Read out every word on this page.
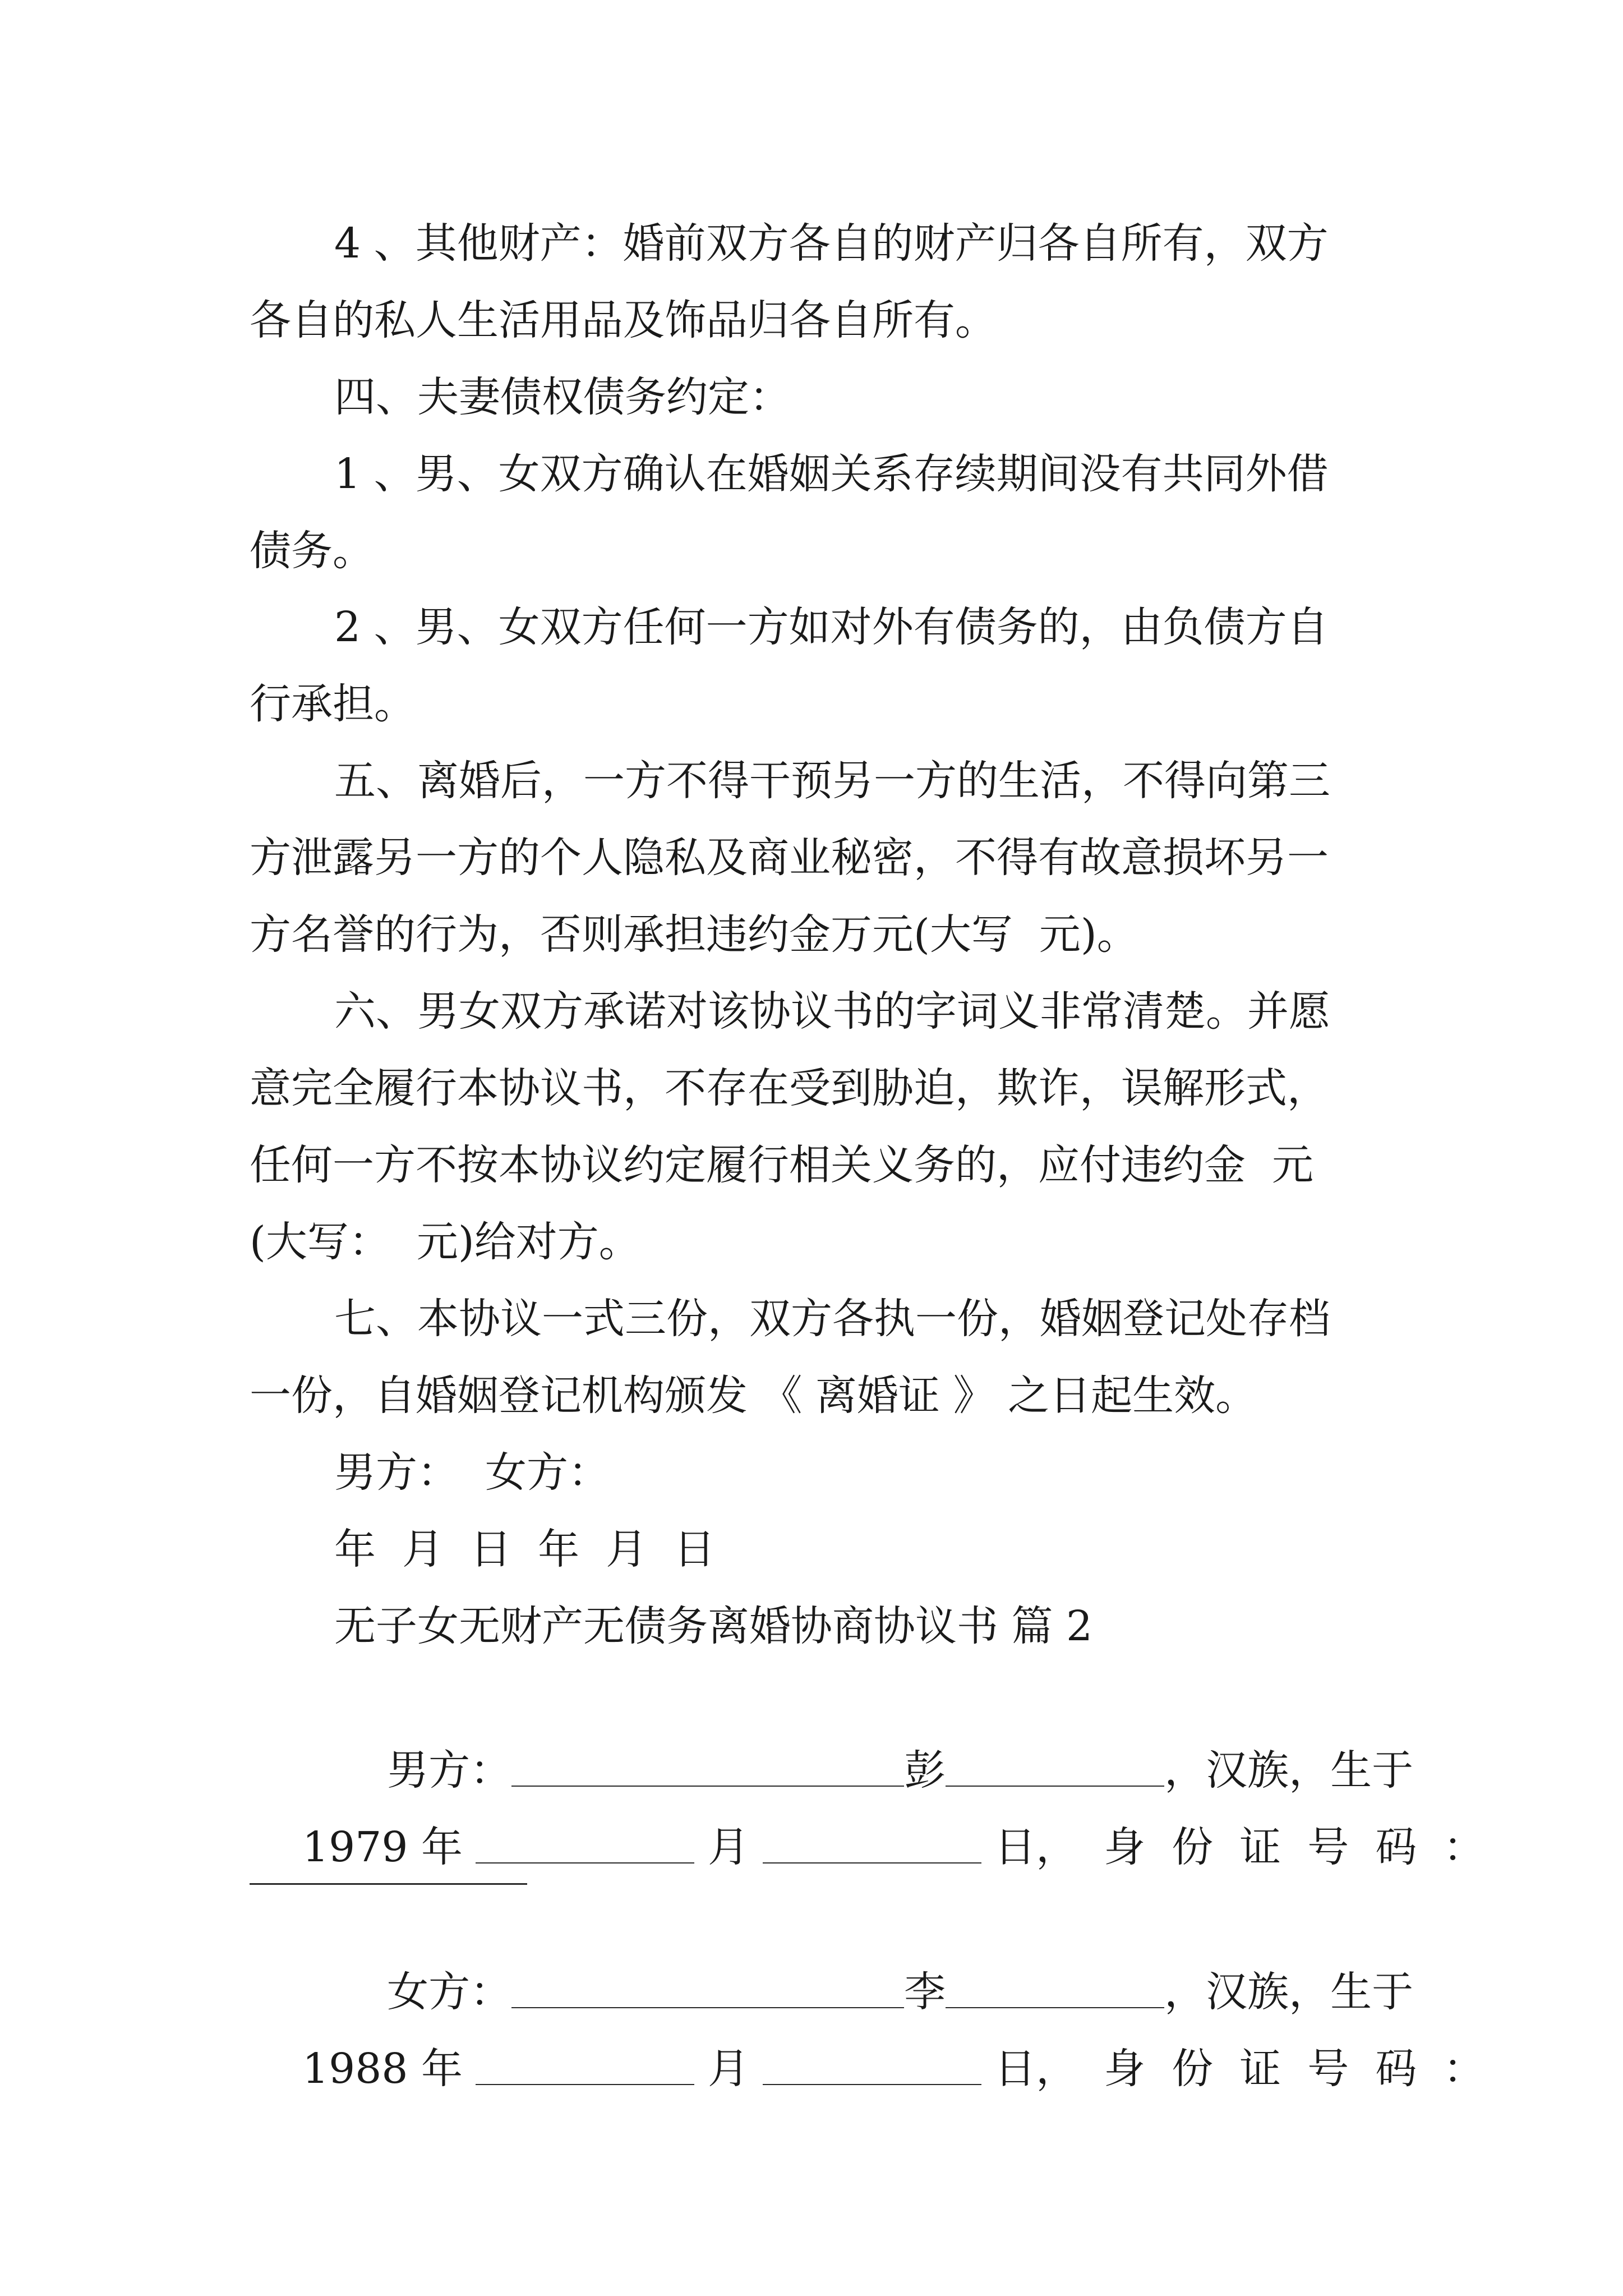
4 、其他财产：婚前双方各自的财产归各自所有，双方
各自的私人生活用品及饰品归各自所有。
四、夫妻债权债务约定：
1 、男、女双方确认在婚姻关系存续期间没有共同外借
债务。
2 、男、女双方任何一方如对外有债务的，由负债方自
行承担。
五、离婚后，一方不得干预另一方的生活，不得向第三
方泄露另一方的个人隐私及商业秘密，不得有故意损坏另一
方名誉的行为，否则承担违约金万元(大写  元)。
六、男女双方承诺对该协议书的字词义非常清楚。并愿
意完全履行本协议书，不存在受到胁迫，欺诈，误解形式，
任何一方不按本协议约定履行相关义务的，应付违约金  元
(大写：  元)给对方。
七、本协议一式三份，双方各执一份，婚姻登记处存档
一份，自婚姻登记机构颁发 《 离婚证 》 之日起生效。
男方：  女方：
年  月  日  年  月  日
无子女无财产无债务离婚协商协议书 篇 2

男方：	彭	，汉族，生于

1979 年	月	日， 身 份 证 号 码 ：

女方：	李	，汉族，生于

1988 年	月	日， 身 份 证 号 码 ：
